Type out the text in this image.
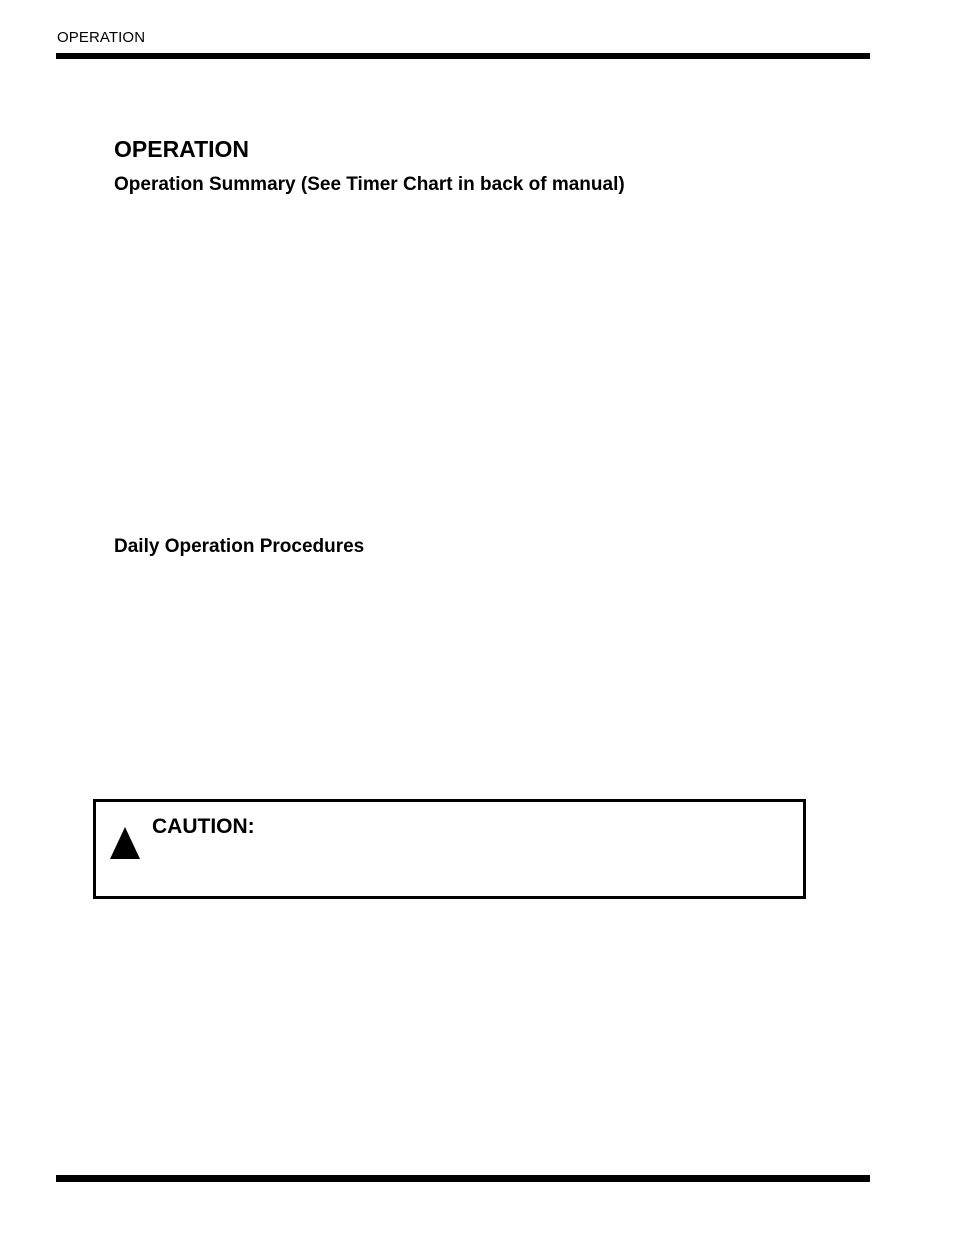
OPERATION
OPERATION
Operation Summary (See Timer Chart in back of manual)
Daily Operation Procedures
CAUTION:
